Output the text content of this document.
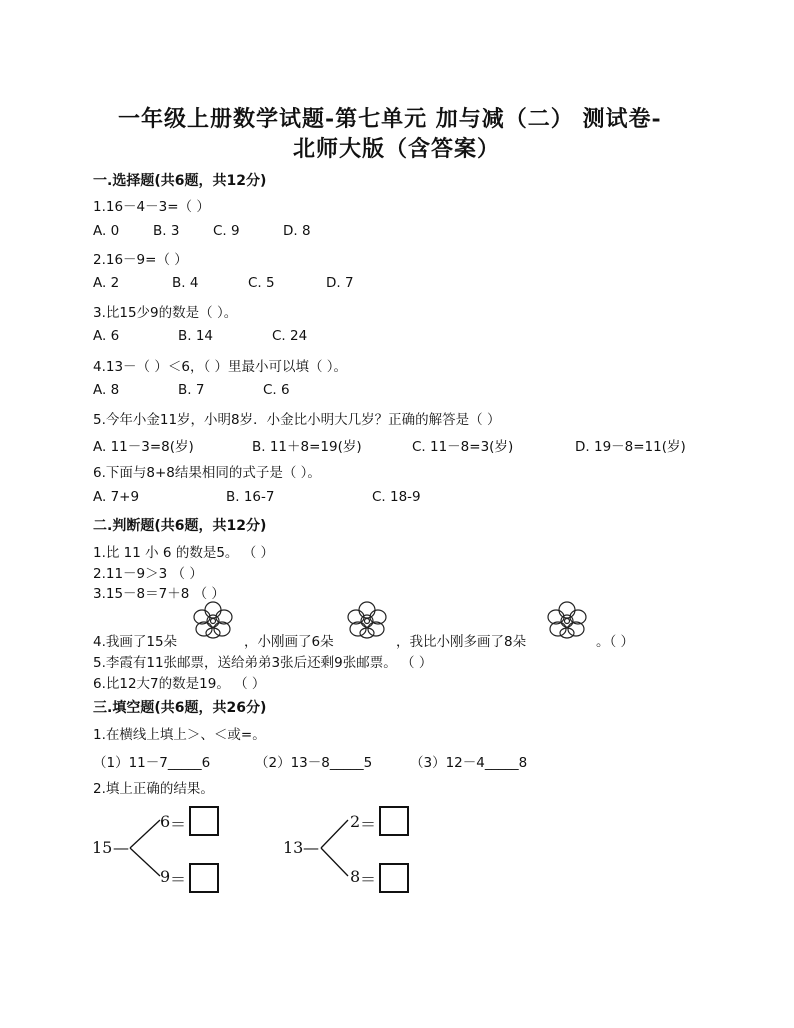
一年级上册数学试题-第七单元 加与减（二） 测试卷-
北师大版（含答案）
一.选择题(共6题，共12分)
1.16－4－3=（ ）
A. 0	B. 3 C. 9	D. 8
2.16－9=（ ）
A. 2	B. 4	C. 5	D. 7
3.比15少9的数是（ ）。
A. 6	B. 14	C. 24
4.13－（ ）＜6，（ ）里最小可以填（ ）。
A. 8	B. 7	C. 6
5.今年小金11岁，小明8岁．小金比小明大几岁？正确的解答是（ ）
A. 11－3=8(岁)	B. 11＋8=19(岁)	C. 11－8=3(岁)	D. 19－8=11(岁)
6.下面与8+8结果相同的式子是（ ）。
A. 7+9	B. 16-7	C. 18-9
二.判断题(共6题，共12分)
1.比 11 小 6 的数是5。 （ ）
2.11－9＞3 （ ）
3.15－8＝7＋8 （ ）
4.我画了15朵	，小刚画了6朵	，我比小刚多画了8朵	。（ ）
5.李霞有11张邮票，送给弟弟3张后还剩9张邮票。 （ ）
6.比12大7的数是19。 （ ）
三.填空题(共6题，共26分)
1.在横线上填上＞、＜或=。
（1）11－7_____6	（2）13－8_____5	（3）12－4_____8
2.填上正确的结果。
15 —
6 ＝
9 ＝
13 —
2 ＝
8 ＝
